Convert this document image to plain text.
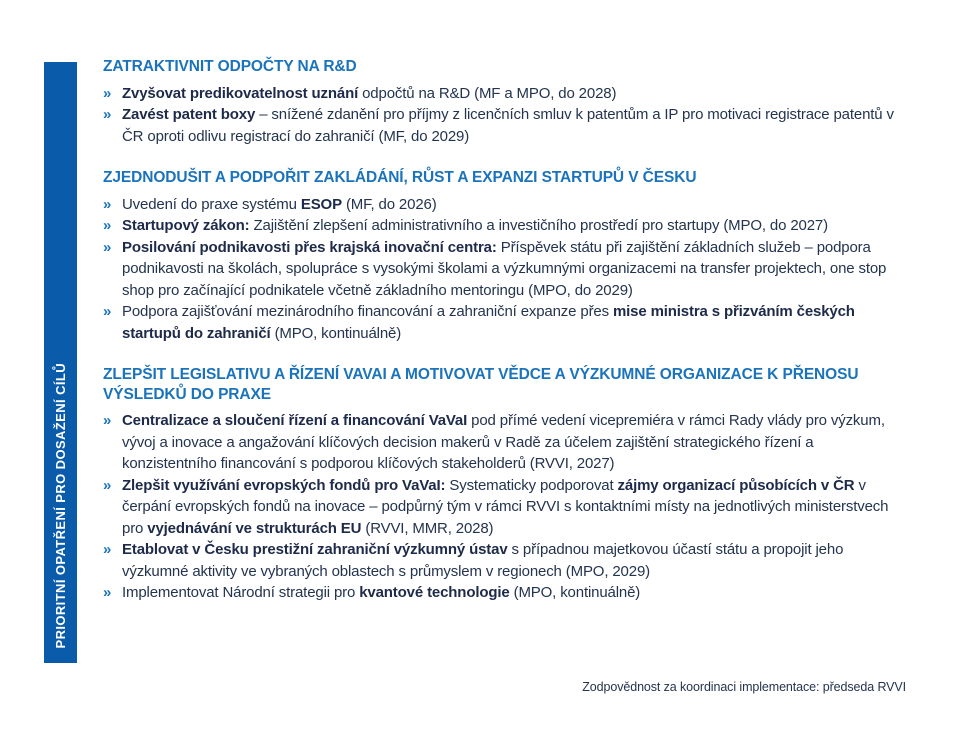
PRIORITNÍ OPATŘENÍ PRO DOSAŽENÍ CÍLŮ
ZATRAKTIVNIT ODPOČTY NA R&D
» Zvyšovat predikovatelnost uznání odpočtů na R&D (MF a MPO, do 2028)
» Zavést patent boxy – snížené zdanění pro příjmy z licenčních smluv k patentům a IP pro motivaci registrace patentů v ČR oproti odlivu registrací do zahraničí (MF, do 2029)
ZJEDNODUŠIT A PODPOŘIT ZAKLÁDÁNÍ, RŮST A EXPANZI STARTUPŮ V ČESKU
» Uvedení do praxe systému ESOP (MF, do 2026)
» Startupový zákon: Zajištění zlepšení administrativního a investičního prostředí pro startupy (MPO, do 2027)
» Posilování podnikavosti přes krajská inovační centra: Příspěvek státu při zajištění základních služeb – podpora podnikavosti na školách, spolupráce s vysokými školami a výzkumnými organizacemi na transfer projektech, one stop shop pro začínající podnikatele včetně základního mentoringu (MPO, do 2029)
» Podpora zajišťování mezinárodního financování a zahraniční expanze přes mise ministra s přizváním českých startupů do zahraničí (MPO, kontinuálně)
ZLEPŠIT LEGISLATIVU A ŘÍZENÍ VAVAI A MOTIVOVAT VĚDCE A VÝZKUMNÉ ORGANIZACE K PŘENOSU VÝSLEDKŮ DO PRAXE
» Centralizace a sloučení řízení a financování VaVaI pod přímé vedení vicepremiéra v rámci Rady vlády pro výzkum, vývoj a inovace a angažování klíčových decision makerů v Radě za účelem zajištění strategického řízení a konzistentního financování s podporou klíčových stakeholderů (RVVI, 2027)
» Zlepšit využívání evropských fondů pro VaVaI: Systematicky podporovat zájmy organizací působících v ČR v čerpání evropských fondů na inovace – podpůrný tým v rámci RVVI s kontaktními místy na jednotlivých ministerstvech pro vyjednávání ve strukturách EU (RVVI, MMR, 2028)
» Etablovat v Česku prestižní zahraniční výzkumný ústav s případnou majetkovou účastí státu a propojit jeho výzkumné aktivity ve vybraných oblastech s průmyslem v regionech (MPO, 2029)
» Implementovat Národní strategii pro kvantové technologie (MPO, kontinuálně)
Zodpovědnost za koordinaci implementace: předseda RVVI
